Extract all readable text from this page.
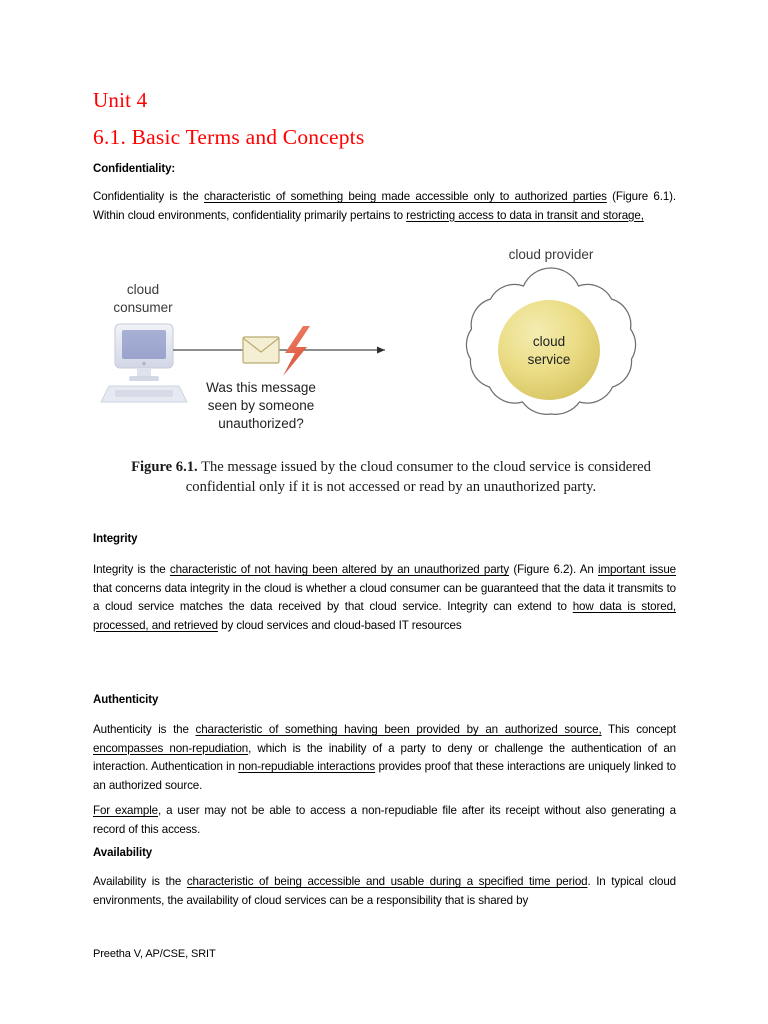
Unit 4
6.1. Basic Terms and Concepts

Confidentiality:

Confidentiality is the characteristic of something being made accessible only to authorized parties (Figure 6.1). Within cloud environments, confidentiality primarily pertains to restricting access to data in transit and storage,

cloud provider
cloud
service
cloud
consumer
Was this message
seen by someone
unauthorized?
Figure 6.1. The message issued by the cloud consumer to the cloud service is considered confidential only if it is not accessed or read by an unauthorized party.

Integrity

Integrity is the characteristic of not having been altered by an unauthorized party (Figure 6.2). An important issue that concerns data integrity in the cloud is whether a cloud consumer can be guaranteed that the data it transmits to a cloud service matches the data received by that cloud service. Integrity can extend to how data is stored, processed, and retrieved by cloud services and cloud-based IT resources

Authenticity

Authenticity is the characteristic of something having been provided by an authorized source, This concept encompasses non-repudiation, which is the inability of a party to deny or challenge the authentication of an interaction. Authentication in non-repudiable interactions provides proof that these interactions are uniquely linked to an authorized source.

For example, a user may not be able to access a non-repudiable file after its receipt without also generating a record of this access.

Availability

Availability is the characteristic of being accessible and usable during a specified time period. In typical cloud environments, the availability of cloud services can be a responsibility that is shared by

Preetha V, AP/CSE, SRIT
